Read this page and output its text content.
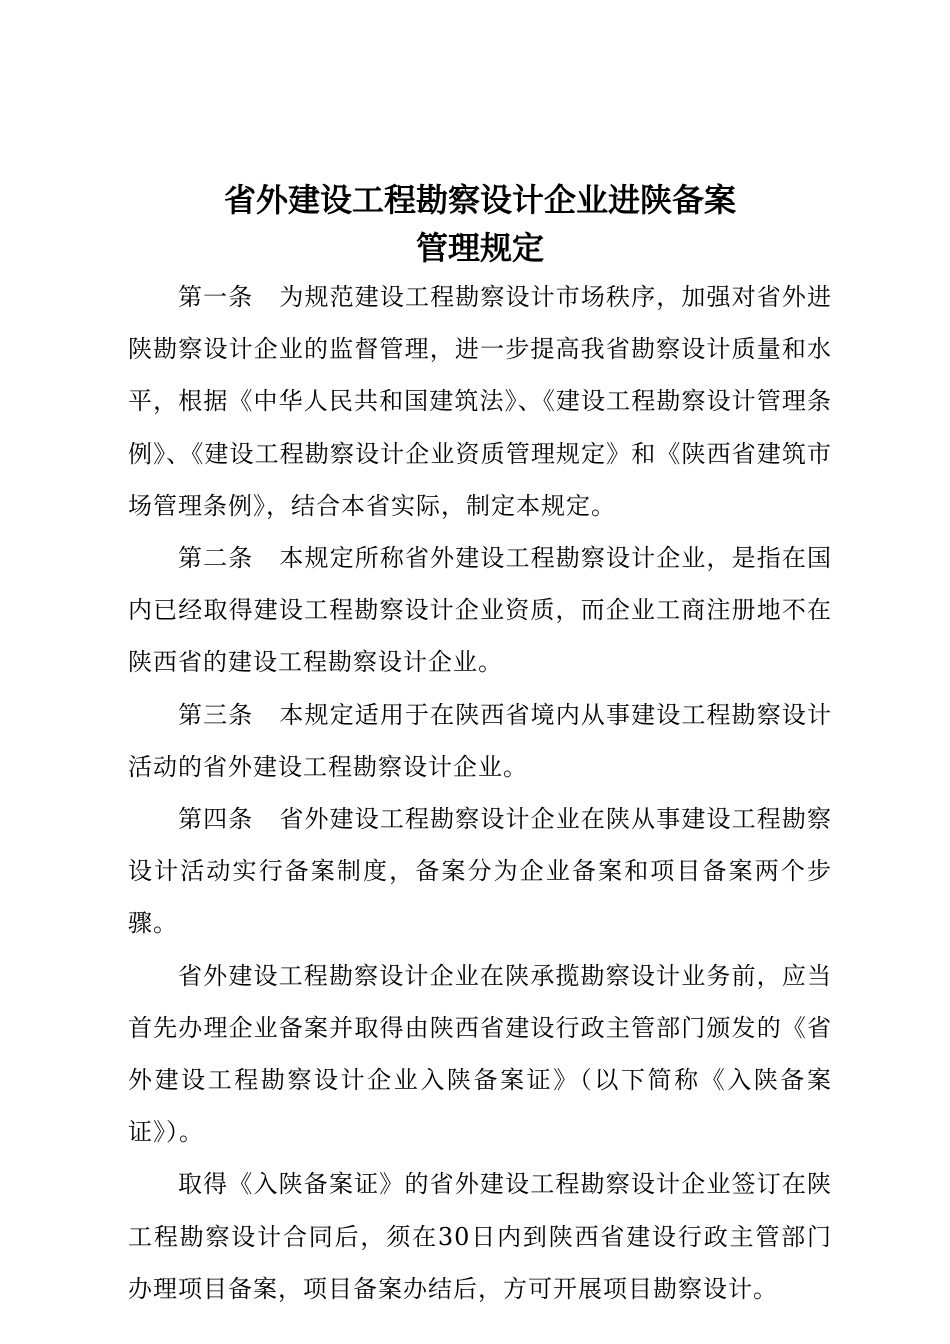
省外建设工程勘察设计企业进陕备案
管理规定

第一条 为规范建设工程勘察设计市场秩序，加强对省外进陕勘察设计企业的监督管理，进一步提高我省勘察设计质量和水平，根据《中华人民共和国建筑法》、《建设工程勘察设计管理条例》、《建设工程勘察设计企业资质管理规定》和《陕西省建筑市场管理条例》，结合本省实际，制定本规定。

第二条 本规定所称省外建设工程勘察设计企业，是指在国内已经取得建设工程勘察设计企业资质，而企业工商注册地不在陕西省的建设工程勘察设计企业。

第三条 本规定适用于在陕西省境内从事建设工程勘察设计活动的省外建设工程勘察设计企业。

第四条 省外建设工程勘察设计企业在陕从事建设工程勘察设计活动实行备案制度，备案分为企业备案和项目备案两个步骤。

省外建设工程勘察设计企业在陕承揽勘察设计业务前，应当首先办理企业备案并取得由陕西省建设行政主管部门颁发的《省外建设工程勘察设计企业入陕备案证》（以下简称《入陕备案证》）。

取得《入陕备案证》的省外建设工程勘察设计企业签订在陕工程勘察设计合同后，须在30日内到陕西省建设行政主管部门办理项目备案，项目备案办结后，方可开展项目勘察设计。
